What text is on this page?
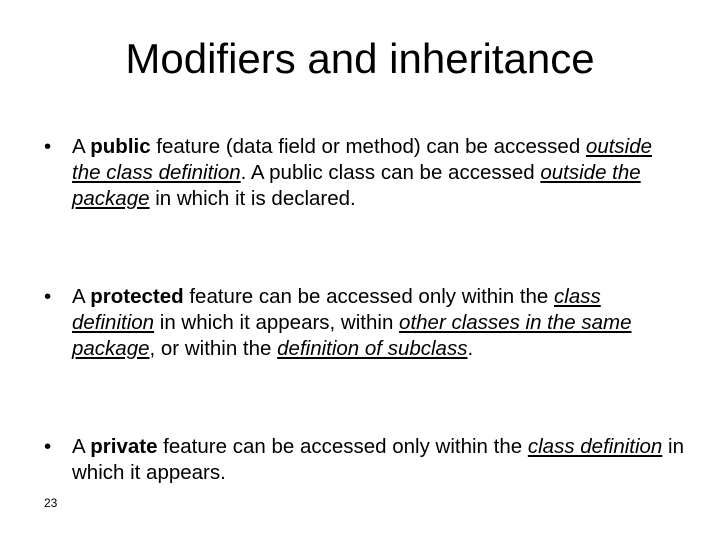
Modifiers and inheritance
• A public feature (data field or method) can be accessed outside the class definition. A public class can be accessed outside the package in which it is declared.
• A protected feature can be accessed only within the class definition in which it appears, within other classes in the same package, or within the definition of subclass.
• A private feature can be accessed only within the class definition in which it appears.
23
